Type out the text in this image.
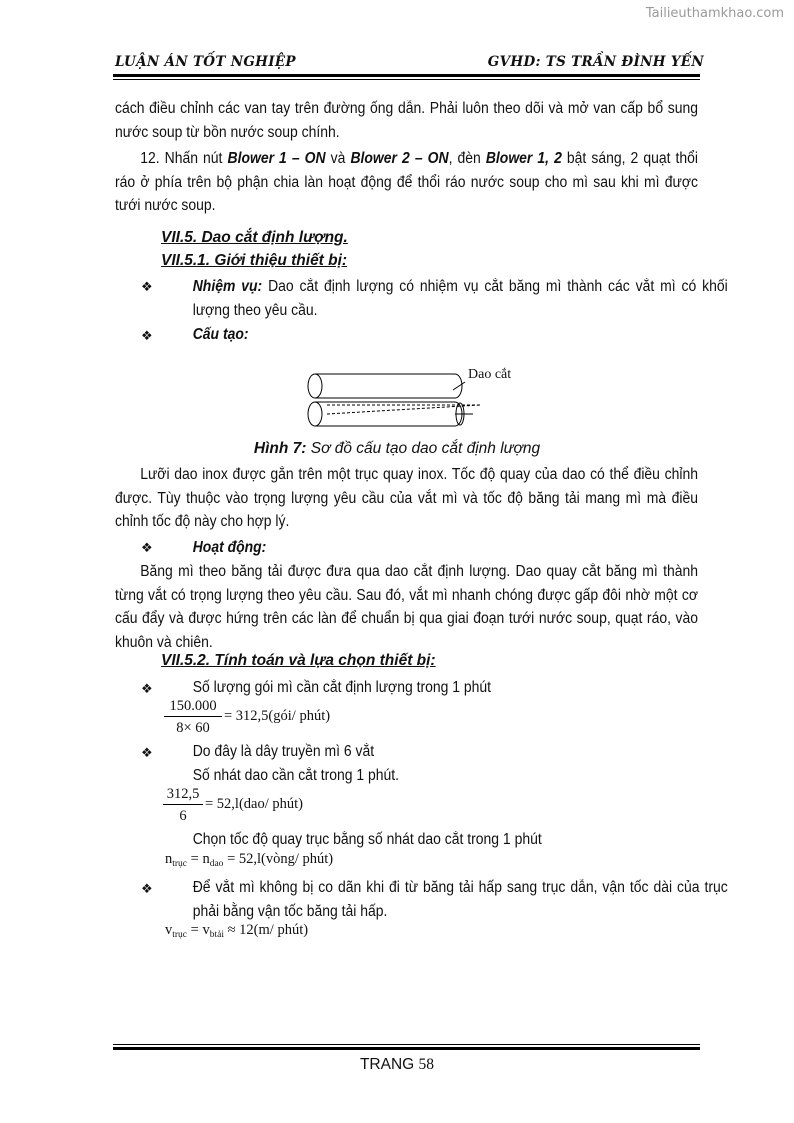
Tailieuthamkhao.com
LUẬN ÁN TỐT NGHIỆP	GVHD: TS TRẦN ĐÌNH YẾN
cách điều chỉnh các van tay trên đường ống dẫn. Phải luôn theo dõi và mở van cấp bổ sung nước soup từ bồn nước soup chính.
12. Nhấn nút Blower 1 – ON và Blower 2 – ON, đèn Blower 1, 2 bật sáng, 2 quạt thổi ráo ở phía trên bộ phận chia làn hoạt động để thổi ráo nước soup cho mì sau khi mì được tưới nước soup.
VII.5. Dao cắt định lượng.
VII.5.1. Giới thiệu thiết bị:
❖	Nhiệm vụ: Dao cắt định lượng có nhiệm vụ cắt băng mì thành các vắt mì có khối lượng theo yêu cầu.
❖	Cấu tạo:
Dao cắt
Hình 7: Sơ đồ cấu tạo dao cắt định lượng
Lưỡi dao inox được gắn trên một trục quay inox. Tốc độ quay của dao có thể điều chỉnh được. Tùy thuộc vào trọng lượng yêu cầu của vắt mì và tốc độ băng tải mang mì mà điều chỉnh tốc độ này cho hợp lý.
❖	Hoạt động:
Băng mì theo băng tải được đưa qua dao cắt định lượng. Dao quay cắt băng mì thành từng vắt có trọng lượng theo yêu cầu. Sau đó, vắt mì nhanh chóng được gấp đôi nhờ một cơ cấu đẩy và được hứng trên các làn để chuẩn bị qua giai đoạn tưới nước soup, quạt ráo, vào khuôn và chiên.
VII.5.2. Tính toán và lựa chọn thiết bị:
❖	Số lượng gói mì cần cắt định lượng trong 1 phút
150.000
8× 60
= 312,5(gói/ phút)
❖	Do đây là dây truyền mì 6 vắt
Số nhát dao cần cắt trong 1 phút.
312,5
6
= 52,l(dao/ phút)
Chọn tốc độ quay trục bằng số nhát dao cắt trong 1 phút
$n_{trục} = n_{dao}$ = 52,l(vòng/ phút)
❖	Để vắt mì không bị co dãn khi đi từ băng tải hấp sang trục dẫn, vận tốc dài của trục phải bằng vận tốc băng tải hấp.
$v_{trục} = v_{btải} \approx 12(m/$ phút)
TRANG 58
